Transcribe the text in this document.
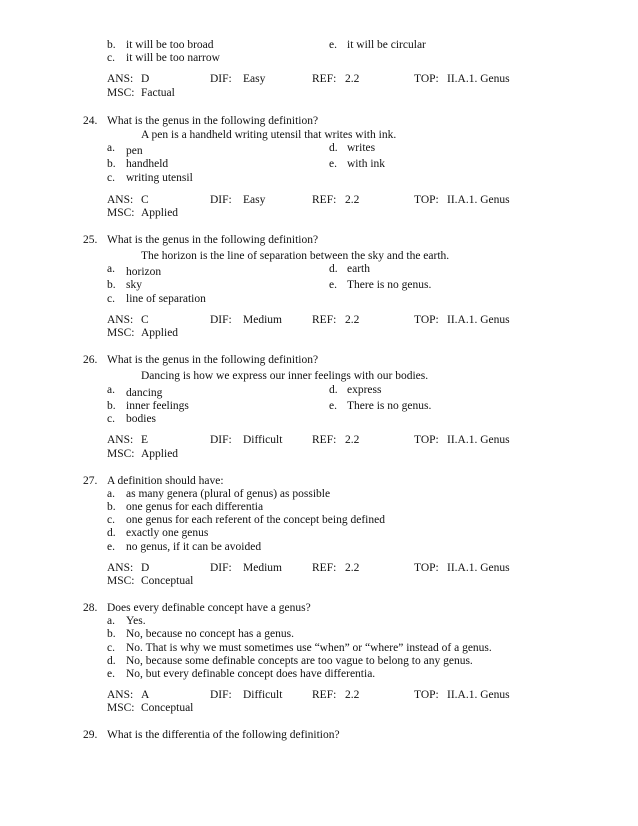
b. it will be too broad	e. it will be circular
c. it will be too narrow
ANS: D	DIF: Easy	REF: 2.2	TOP: II.A.1. Genus
MSC: Factual
24. What is the genus in the following definition?
A pen is a handheld writing utensil that writes with ink.
a. pen	d. writes
b. handheld	e. with ink
c. writing utensil
ANS: C	DIF: Easy	REF: 2.2	TOP: II.A.1. Genus
MSC: Applied
25. What is the genus in the following definition?
The horizon is the line of separation between the sky and the earth.
a. horizon	d. earth
b. sky	e. There is no genus.
c. line of separation
ANS: C	DIF: Medium	REF: 2.2	TOP: II.A.1. Genus
MSC: Applied
26. What is the genus in the following definition?
Dancing is how we express our inner feelings with our bodies.
a. dancing	d. express
b. inner feelings	e. There is no genus.
c. bodies
ANS: E	DIF: Difficult	REF: 2.2	TOP: II.A.1. Genus
MSC: Applied
27. A definition should have:
a. as many genera (plural of genus) as possible
b. one genus for each differentia
c. one genus for each referent of the concept being defined
d. exactly one genus
e. no genus, if it can be avoided
ANS: D	DIF: Medium	REF: 2.2	TOP: II.A.1. Genus
MSC: Conceptual
28. Does every definable concept have a genus?
a. Yes.
b. No, because no concept has a genus.
c. No. That is why we must sometimes use “when” or “where” instead of a genus.
d. No, because some definable concepts are too vague to belong to any genus.
e. No, but every definable concept does have differentia.
ANS: A	DIF: Difficult	REF: 2.2	TOP: II.A.1. Genus
MSC: Conceptual
29. What is the differentia of the following definition?
